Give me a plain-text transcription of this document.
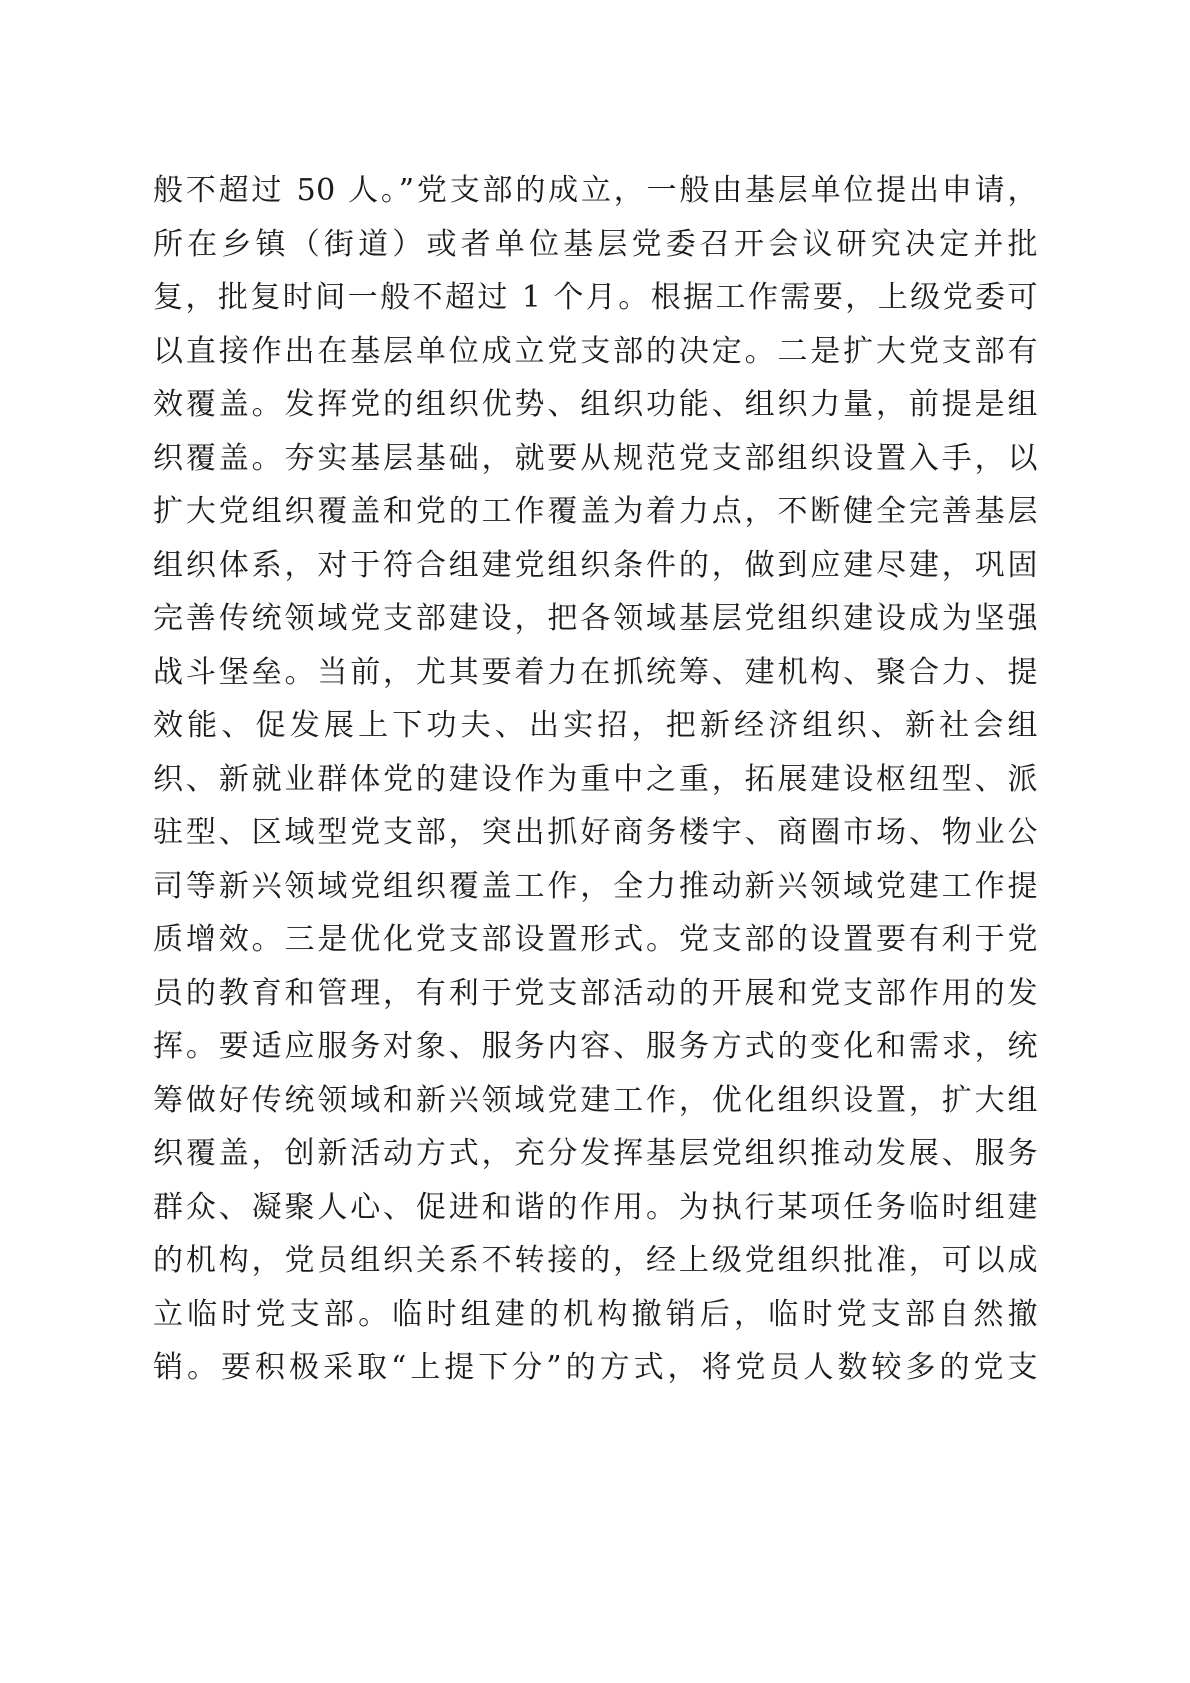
般不超过 50 人。”党支部的成立，一般由基层单位提出申请，
所在乡镇（街道）或者单位基层党委召开会议研究决定并批
复，批复时间一般不超过 1 个月。根据工作需要，上级党委可
以直接作出在基层单位成立党支部的决定。二是扩大党支部有
效覆盖。发挥党的组织优势、组织功能、组织力量，前提是组
织覆盖。夯实基层基础，就要从规范党支部组织设置入手，以
扩大党组织覆盖和党的工作覆盖为着力点，不断健全完善基层
组织体系，对于符合组建党组织条件的，做到应建尽建，巩固
完善传统领域党支部建设，把各领域基层党组织建设成为坚强
战斗堡垒。当前，尤其要着力在抓统筹、建机构、聚合力、提
效能、促发展上下功夫、出实招，把新经济组织、新社会组
织、新就业群体党的建设作为重中之重，拓展建设枢纽型、派
驻型、区域型党支部，突出抓好商务楼宇、商圈市场、物业公
司等新兴领域党组织覆盖工作，全力推动新兴领域党建工作提
质增效。三是优化党支部设置形式。党支部的设置要有利于党
员的教育和管理，有利于党支部活动的开展和党支部作用的发
挥。要适应服务对象、服务内容、服务方式的变化和需求，统
筹做好传统领域和新兴领域党建工作，优化组织设置，扩大组
织覆盖，创新活动方式，充分发挥基层党组织推动发展、服务
群众、凝聚人心、促进和谐的作用。为执行某项任务临时组建
的机构，党员组织关系不转接的，经上级党组织批准，可以成
立临时党支部。临时组建的机构撤销后，临时党支部自然撤
销。要积极采取“上提下分”的方式，将党员人数较多的党支
